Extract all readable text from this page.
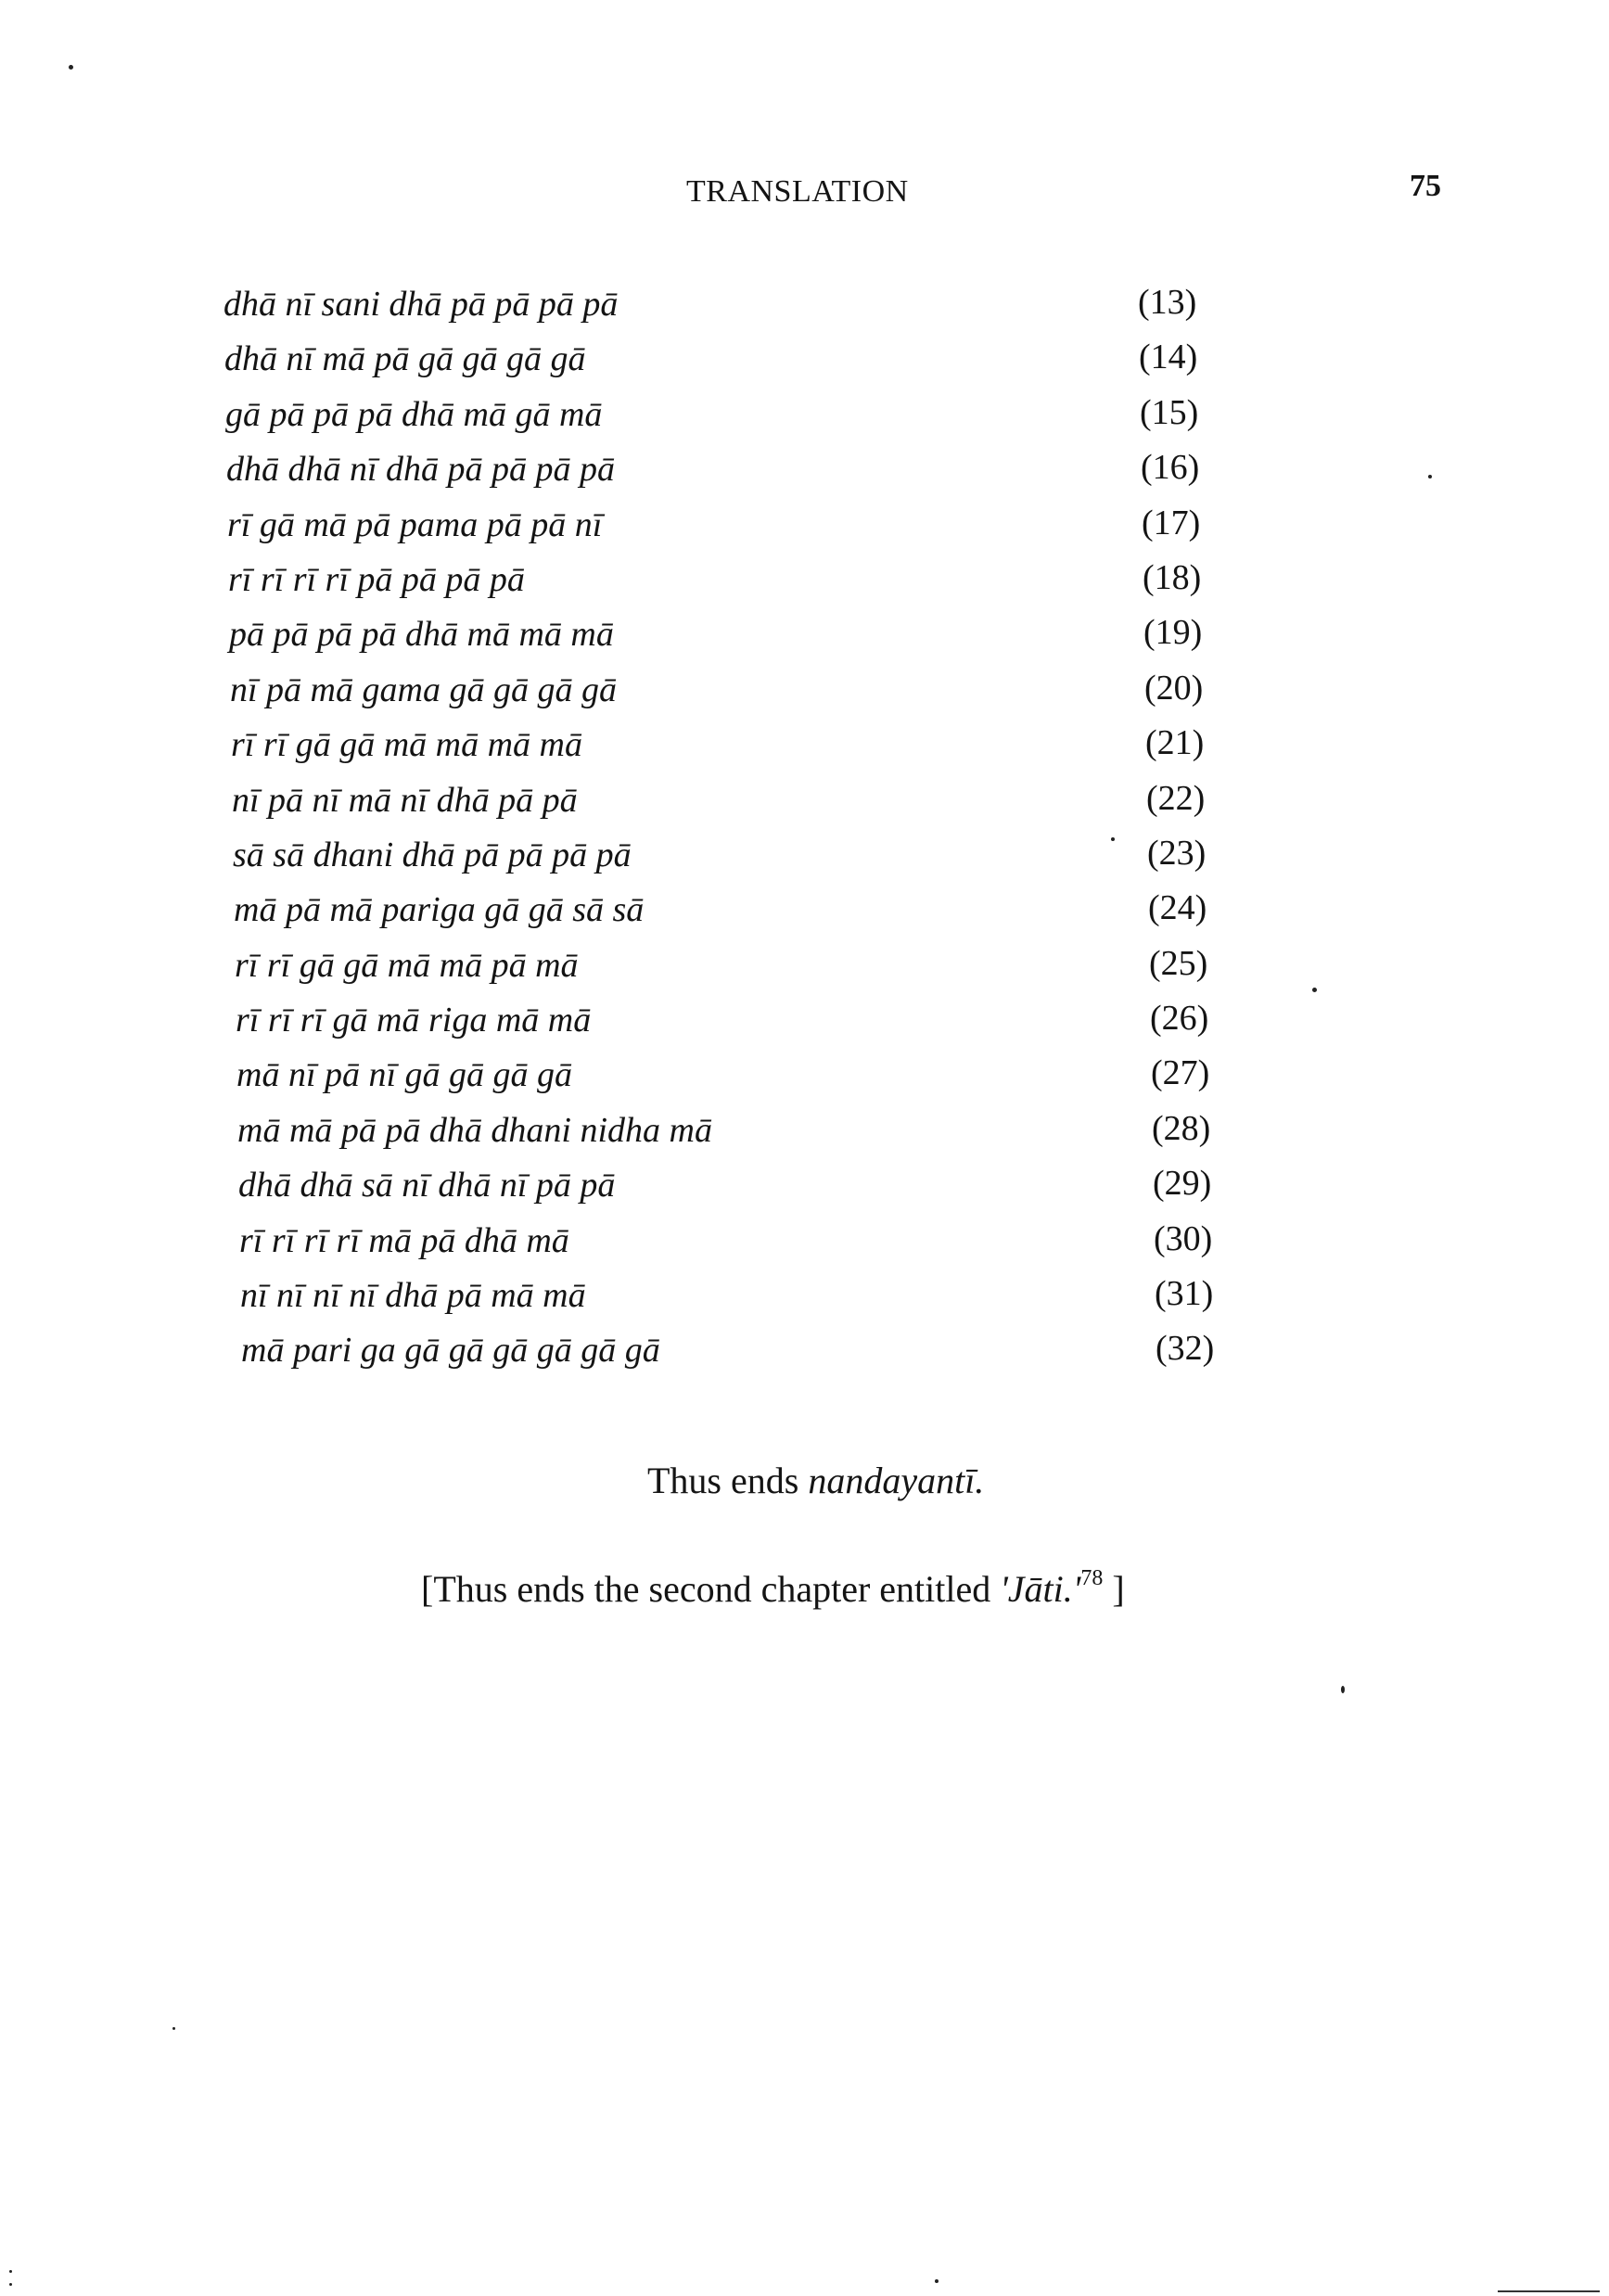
TRANSLATION	75
dhā nī sani dhā pā pā pā pā	(13)
dhā nī mā pā gā gā gā gā	(14)
gā pā pā pā dhā mā gā mā	(15)
dhā dhā nī dhā pā pā pā pā	(16)
rī gā mā pā pama pā pā nī	(17)
rī rī rī rī pā pā pā pā	(18)
pā pā pā pā dhā mā mā mā	(19)
nī pā mā gama gā gā gā gā	(20)
rī rī gā gā mā mā mā mā	(21)
nī pā nī mā nī dhā pā pā	(22)
sā sā dhani dhā pā pā pā pā	(23)
mā pā mā pariga gā gā sā sā	(24)
rī rī gā gā mā mā pā mā	(25)
rī rī rī gā mā riga mā mā	(26)
mā nī pā nī gā gā gā gā	(27)
mā mā pā pā dhā dhani nidha mā	(28)
dhā dhā sā nī dhā nī pā pā	(29)
rī rī rī rī mā pā dhā mā	(30)
nī nī nī nī dhā pā mā mā	(31)
mā pari ga gā gā gā gā gā gā	(32)
Thus ends nandayantī.
[Thus ends the second chapter entitled '$Jāti.'^{78}$ ]
